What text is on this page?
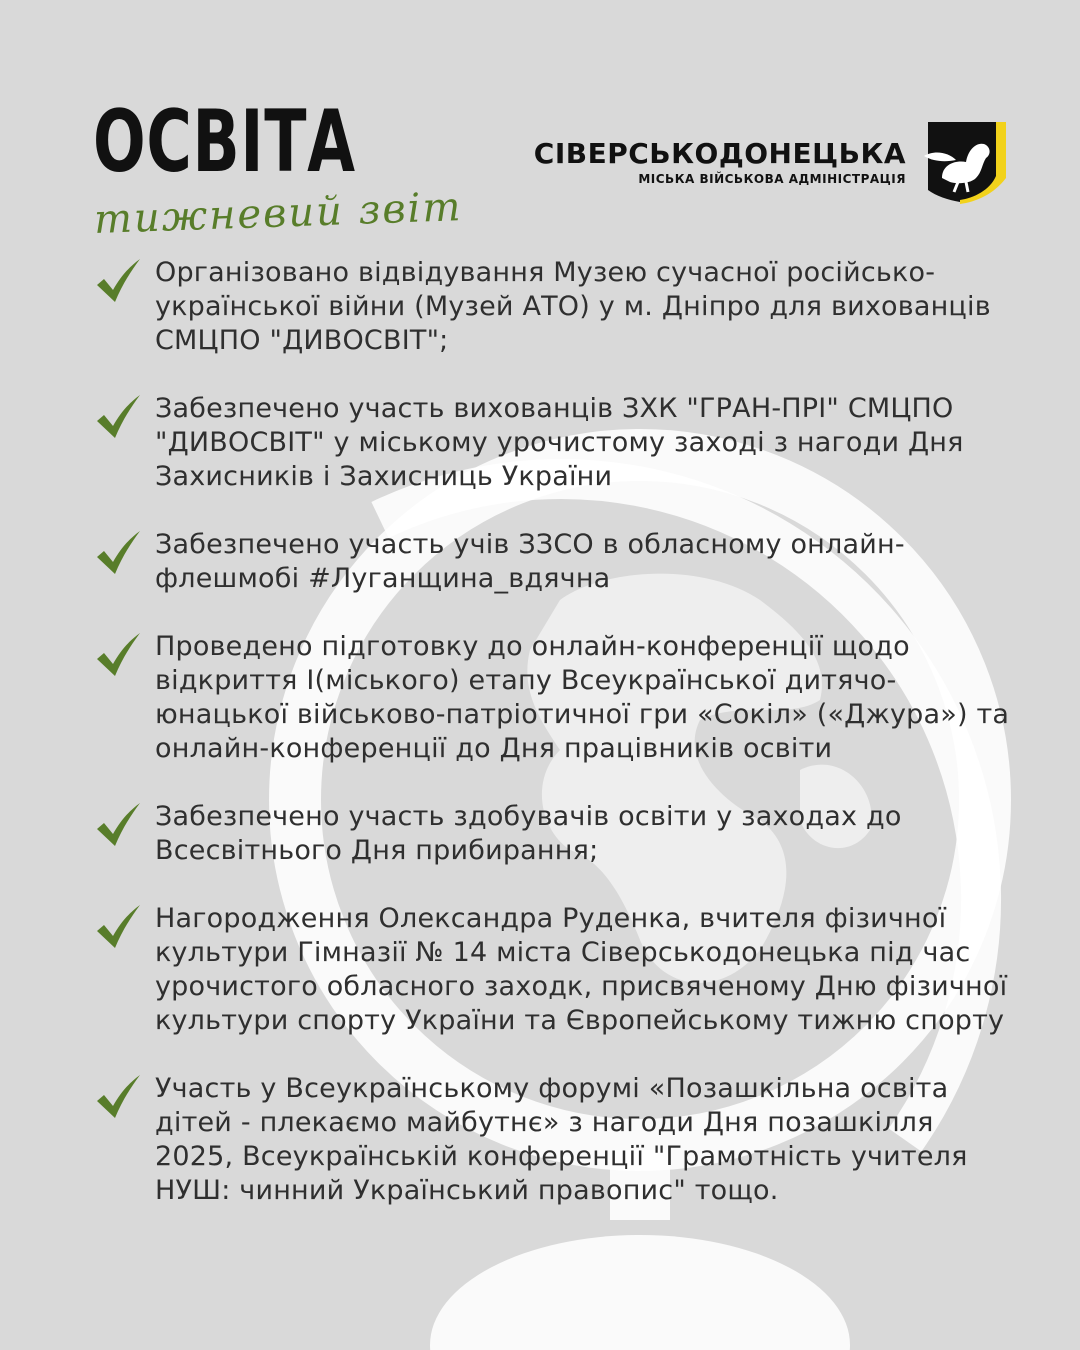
ОСВІТА
тижневий звіт
СІВЕРСЬКОДОНЕЦЬКА
МІСЬКА ВІЙСЬКОВА АДМІНІСТРАЦІЯ
Організовано відвідування Музею сучасної російсько-української війни (Музей АТО) у м. Дніпро для вихованців СМЦПО "ДИВОСВІТ";
Забезпечено участь вихованців ЗХК "ГРАН-ПРІ" СМЦПО "ДИВОСВІТ" у міському урочистому заході з нагоди Дня Захисників і Захисниць України
Забезпечено участь учів ЗЗСО в обласному онлайн-флешмобі #Луганщина_вдячна
Проведено підготовку до онлайн-конференції щодо відкриття І(міського) етапу Всеукраїнської дитячо-юнацької військово-патріотичної гри «Сокіл» («Джура») та онлайн-конференції до Дня працівників освіти
Забезпечено участь здобувачів освіти у заходах до Всесвітнього Дня прибирання;
Нагородження Олександра Руденка, вчителя фізичної культури Гімназії № 14 міста Сіверськодонецька під час урочистого обласного заходк, присвяченому Дню фізичної культури спорту України та Європейському тижню спорту
Участь у Всеукраїнському форумі «Позашкільна освіта дітей - плекаємо майбутнє» з нагоди Дня позашкілля 2025, Всеукраїнській конференції "Грамотність учителя НУШ: чинний Український правопис" тощо.
